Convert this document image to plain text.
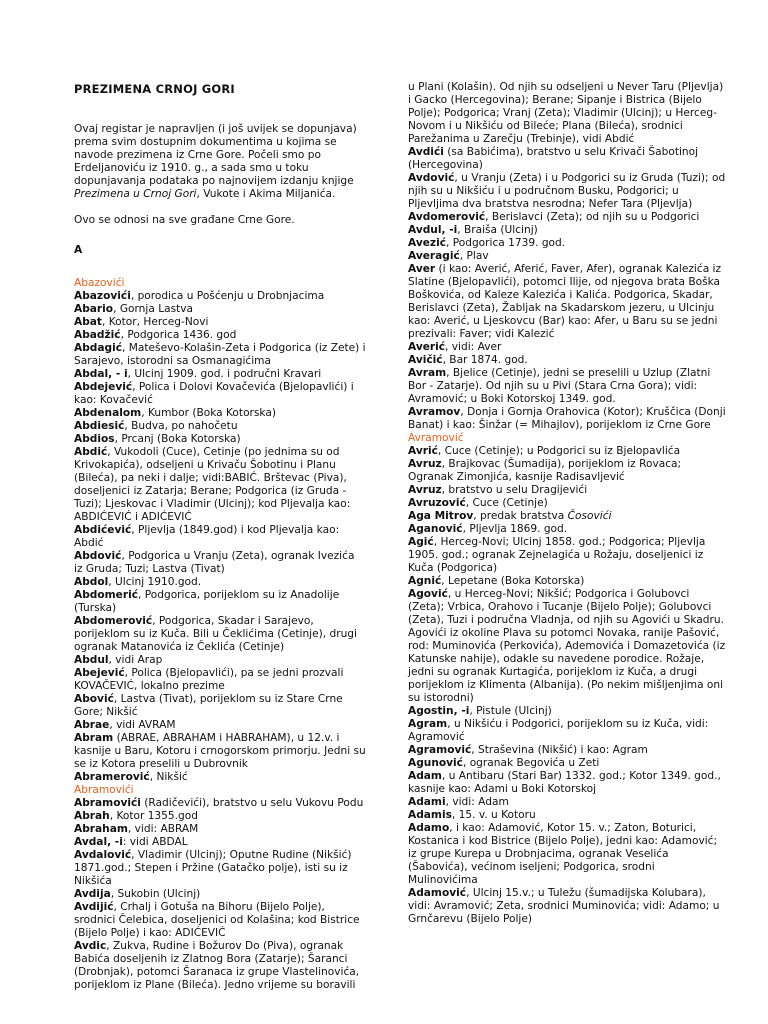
PREZIMENA CRNOJ GORI

Ovaj registar je napravljen (i još uvijek se dopunjava) prema svim dostupnim dokumentima u kojima se navode prezimena iz Crne Gore. Počeli smo po Erdeljanoviću iz 1910. g., a sada smo u toku dopunjavanja podataka po najnovijem izdanju knjige Prezimena u Crnoj Gori, Vukote i Akima Miljanića.

Ovo se odnosi na sve građane Crne Gore.

A

Abazovići

Abazovići, porodica u Pošćenju u Drobnjacima

Abario, Gornja Lastva

Abat, Kotor, Herceg-Novi

Abadžić, Podgorica 1436. god

Abdagić, Mateševo-Kolašin-Zeta i Podgorica (iz Zete) i Sarajevo, istorodni sa Osmanagićima

Abdal, - i, Ulcinj 1909. god. i područni Kravari

Abdejević, Polica i Dolovi Kovačevića (Bjelopavlići) i kao: Kovačević

Abdenalom, Kumbor (Boka Kotorska)

Abdiesić, Budva, po nahočetu

Abdios, Prcanj (Boka Kotorska)

Abdić, Vukodoli (Cuce), Cetinje (po jednima su od Krivokapića), odseljeni u Krivaču Šobotinu i Planu (Bileća), pa neki i dalje; vidi:BABIĆ. Brštevac (Piva), doseljenici iz Zatarja; Berane; Podgorica (iz Gruda - Tuzi); Ljeskovac i Vladimir (Ulcinj); kod Pljevalja kao: ABDIĆEVIĆ i ADIĆEVIĆ

Abdićević, Pljevlja (1849.god) i kod Pljevalja kao: Abdić

Abdović, Podgorica u Vranju (Zeta), ogranak Ivezića iz Gruda; Tuzi; Lastva (Tivat)

Abdol, Ulcinj 1910.god.

Abdomerić, Podgorica, porijeklom su iz Anadolije (Turska)

Abdomerović, Podgorica, Skadar i Sarajevo, porijeklom su iz Kuča. Bili u Čeklićima (Cetinje), drugi ogranak Matanovića iz Čeklića (Cetinje)

Abdul, vidi Arap

Abejević, Polica (Bjelopavlići), pa se jedni prozvali KOVAČEVIĆ, lokalno prezime

Abović, Lastva (Tivat), porijeklom su iz Stare Crne Gore; Nikšić

Abrae, vidi AVRAM

Abram (ABRAE, ABRAHAM i HABRAHAM), u 12.v. i kasnije u Baru, Kotoru i crnogorskom primorju. Jedni su se iz Kotora preselili u Dubrovnik

Abramerović, Nikšić

Abramovići

Abramovići (Radičevići), bratstvo u selu Vukovu Podu

Abrah, Kotor 1355.god

Abraham, vidi: ABRAM

Avdal, -i: vidi ABDAL

Avdalović, Vladimir (Ulcinj); Oputne Rudine (Nikšić) 1871.god.; Stepen i Pržine (Gatačko polje), isti su iz Nikšića

Avdija, Sukobin (Ulcinj)

Avdijić, Crhalj i Gotuša na Bihoru (Bijelo Polje), srodnici Čelebica, doseljenici od Kolašina; kod Bistrice (Bijelo Polje) i kao: ADIĆEVIĆ

Avdic, Zukva, Rudine i Božurov Do (Piva), ogranak Babića doseljenih iz Zlatnog Bora (Zatarje); Šaranci (Drobnjak), potomci Šaranaca iz grupe Vlastelinovića, porijeklom iz Plane (Bileća). Jedno vrijeme su boravili

u Plani (Kolašin). Od njih su odseljeni u Never Taru (Pljevlja) i Gacko (Hercegovina); Berane; Sipanje i Bistrica (Bijelo Polje); Podgorica; Vranj (Zeta); Vladimir (Ulcinj); u Herceg-Novom i u Nikšiću od Bileće; Plana (Bileća), srodnici Parežanima u Zarečju (Trebinje), vidi Abdić

Avdići (sa Babićima), bratstvo u selu Krivači Šabotinoj (Hercegovina)

Avdović, u Vranju (Zeta) i u Podgorici su iz Gruda (Tuzi); od njih su u Nikšiću i u područnom Busku, Podgorici; u Pljevljima dva bratstva nesrodna; Nefer Tara (Pljevlja)

Avdomerović, Berislavci (Zeta); od njih su u Podgorici

Avdul, -i, Braiša (Ulcinj)

Avezić, Podgorica 1739. god.

Averagić, Plav

Aver (i kao: Averić, Aferić, Faver, Afer), ogranak Kalezića iz Slatine (Bjelopavlići), potomci Ilije, od njegova brata Boška Boškovića, od Kaleze Kalezića i Kalića. Podgorica, Skadar, Berislavci (Zeta), Žabljak na Skadarskom jezeru, u Ulcinju kao: Averić, u Ljeskovcu (Bar) kao: Afer, u Baru su se jedni prezivali: Faver; vidi Kalezić

Averić, vidi: Aver

Avičić, Bar 1874. god.

Avram, Bjelice (Cetinje), jedni se preselili u Uzlup (Zlatni Bor - Zatarje). Od njih su u Pivi (Stara Crna Gora); vidi: Avramović; u Boki Kotorskoj 1349. god.

Avramov, Donja i Gornja Orahovica (Kotor); Kruščica (Donji Banat) i kao: Šinžar (= Mihajlov), porijeklom iz Crne Gore

Avramović

Avrić, Cuce (Cetinje); u Podgorici su iz Bjelopavlića

Avruz, Brajkovac (Šumadija), porijeklom iz Rovaca; Ogranak Zimonjića, kasnije Radisavljević

Avruz, bratstvo u selu Dragijevići

Avruzović, Cuce (Cetinje)

Aga Mitrov, predak bratstva Čosovići

Aganović, Pljevlja 1869. god.

Agić, Herceg-Novi; Ulcinj 1858. god.; Podgorica; Pljevlja 1905. god.; ogranak Zejnelagića u Rožaju, doseljenici iz Kuča (Podgorica)

Agnić, Lepetane (Boka Kotorska)

Agović, u Herceg-Novi; Nikšić; Podgorica i Golubovci (Zeta); Vrbica, Orahovo i Tucanje (Bijelo Polje); Golubovci (Zeta), Tuzi i područna Vladnja, od njih su Agovići u Skadru. Agovići iz okoline Plava su potomci Novaka, ranije Pašović, rod: Muminovića (Perkovića), Ademovića i Domazetovića (iz Katunske nahije), odakle su navedene porodice. Rožaje, jedni su ogranak Kurtagića, porijeklom iz Kuča, a drugi porijeklom iz Klimenta (Albanija). (Po nekim mišljenjima oni su istorodni)

Agostin, -i, Pistule (Ulcinj)

Agram, u Nikšiću i Podgorici, porijeklom su iz Kuča, vidi: Agramović

Agramović, Straševina (Nikšić) i kao: Agram

Agunović, ogranak Begovića u Zeti

Adam, u Antibaru (Stari Bar) 1332. god.; Kotor 1349. god., kasnije kao: Adami u Boki Kotorskoj

Adami, vidi: Adam

Adamis, 15. v. u Kotoru

Adamo, i kao: Adamović, Kotor 15. v.; Zaton, Boturici, Kostanica i kod Bistrice (Bijelo Polje), jedni kao: Adamović; iz grupe Kurepa u Drobnjacima, ogranak Veselića (Šabovića), većinom iseljeni; Podgorica, srodni Mulinovićima

Adamović, Ulcinj 15.v.; u Tuležu (šumadijska Kolubara), vidi: Avramović; Zeta, srodnici Muminovića; vidi: Adamo; u Grnčarevu (Bijelo Polje)
